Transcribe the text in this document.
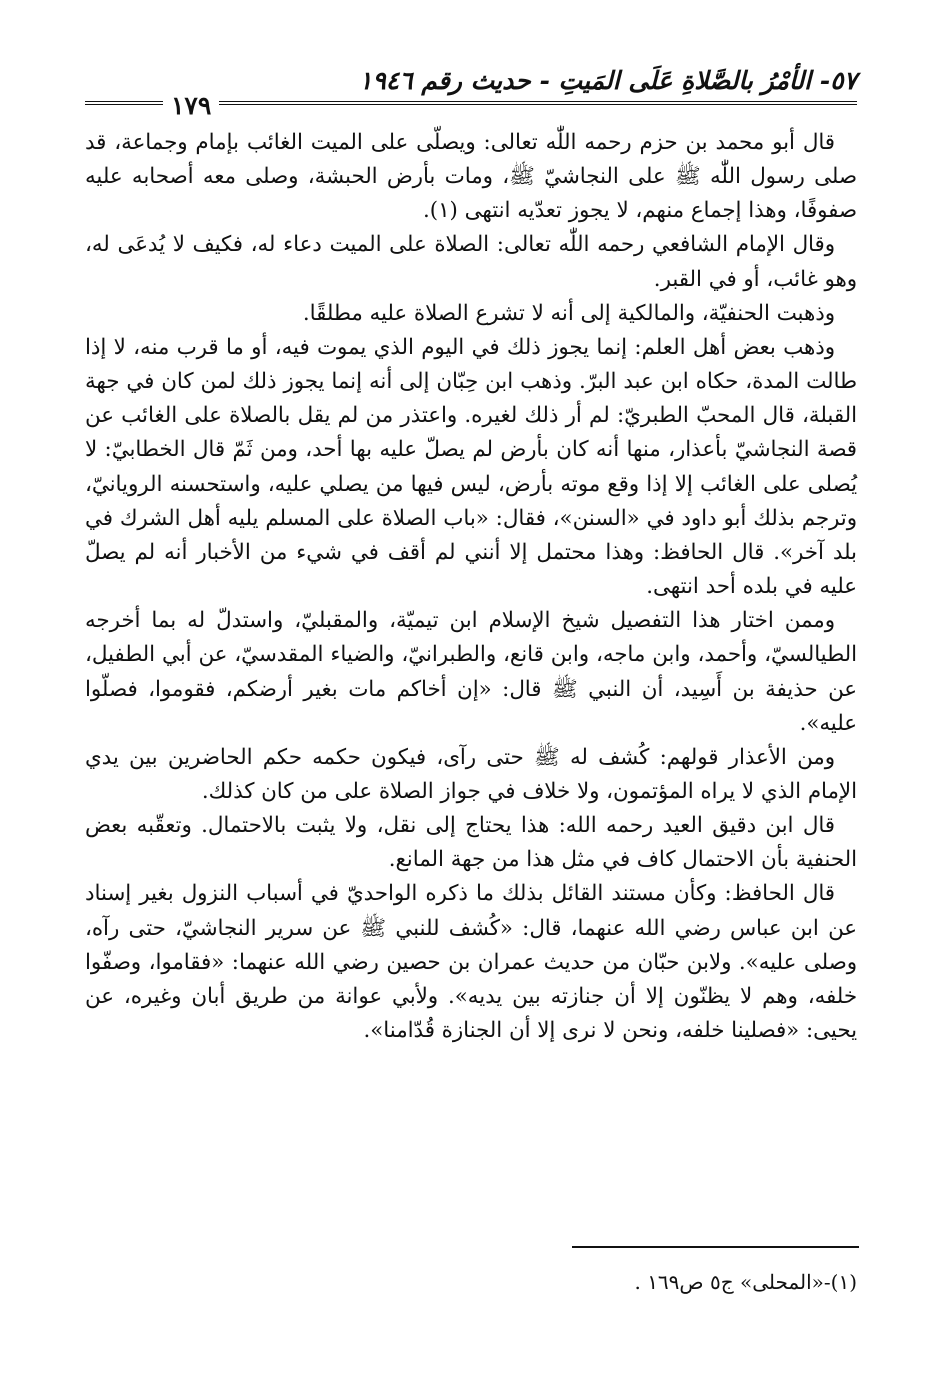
٥٧- الأمْرُ بالصَّلاةِ عَلَى المَيتِ - حديث رقم ١٩٤٦
١٧٩

قال أبو محمد بن حزم رحمه اللّٰه تعالى: ويصلّى على الميت الغائب بإمام وجماعة، قد صلى رسول اللّٰه ﷺ على النجاشيّ ﷺ، ومات بأرض الحبشة، وصلى معه أصحابه عليه صفوفًا، وهذا إجماع منهم، لا يجوز تعدّيه انتهى (١).

وقال الإمام الشافعي رحمه اللّٰه تعالى: الصلاة على الميت دعاء له، فكيف لا يُدعَى له، وهو غائب، أو في القبر.

وذهبت الحنفيّة، والمالكية إلى أنه لا تشرع الصلاة عليه مطلقًا.

وذهب بعض أهل العلم: إنما يجوز ذلك في اليوم الذي يموت فيه، أو ما قرب منه، لا إذا طالت المدة، حكاه ابن عبد البرّ. وذهب ابن حِبّان إلى أنه إنما يجوز ذلك لمن كان في جهة القبلة، قال المحبّ الطبريّ: لم أر ذلك لغيره. واعتذر من لم يقل بالصلاة على الغائب عن قصة النجاشيّ بأعذار، منها أنه كان بأرض لم يصلّ عليه بها أحد، ومن ثَمّ قال الخطابيّ: لا يُصلى على الغائب إلا إذا وقع موته بأرض، ليس فيها من يصلي عليه، واستحسنه الرويانيّ، وترجم بذلك أبو داود في «السنن»، فقال: «باب الصلاة على المسلم يليه أهل الشرك في بلد آخر». قال الحافظ: وهذا محتمل إلا أنني لم أقف في شيء من الأخبار أنه لم يصلّ عليه في بلده أحد انتهى.

وممن اختار هذا التفصيل شيخ الإسلام ابن تيميّة، والمقبليّ، واستدلّ له بما أخرجه الطيالسيّ، وأحمد، وابن ماجه، وابن قانع، والطبرانيّ، والضياء المقدسيّ، عن أبي الطفيل، عن حذيفة بن أَسِيد، أن النبي ﷺ قال: «إن أخاكم مات بغير أرضكم، فقوموا، فصلّوا عليه».

ومن الأعذار قولهم: كُشف له ﷺ حتى رآى، فيكون حكمه حكم الحاضرين بين يدي الإمام الذي لا يراه المؤتمون، ولا خلاف في جواز الصلاة على من كان كذلك.

قال ابن دقيق العيد رحمه الله: هذا يحتاج إلى نقل، ولا يثبت بالاحتمال. وتعقّبه بعض الحنفية بأن الاحتمال كاف في مثل هذا من جهة المانع.

قال الحافظ: وكأن مستند القائل بذلك ما ذكره الواحديّ في أسباب النزول بغير إسناد عن ابن عباس رضي الله عنهما، قال: «كُشف للنبي ﷺ عن سرير النجاشيّ، حتى رآه، وصلى عليه». ولابن حبّان من حديث عمران بن حصين رضي الله عنهما: «فقاموا، وصفّوا خلفه، وهم لا يظنّون إلا أن جنازته بين يديه». ولأبي عوانة من طريق أبان وغيره، عن يحيى: «فصلينا خلفه، ونحن لا نرى إلا أن الجنازة قُدّامنا».

(١)-«المحلى» ج٥ ص١٦٩ .
